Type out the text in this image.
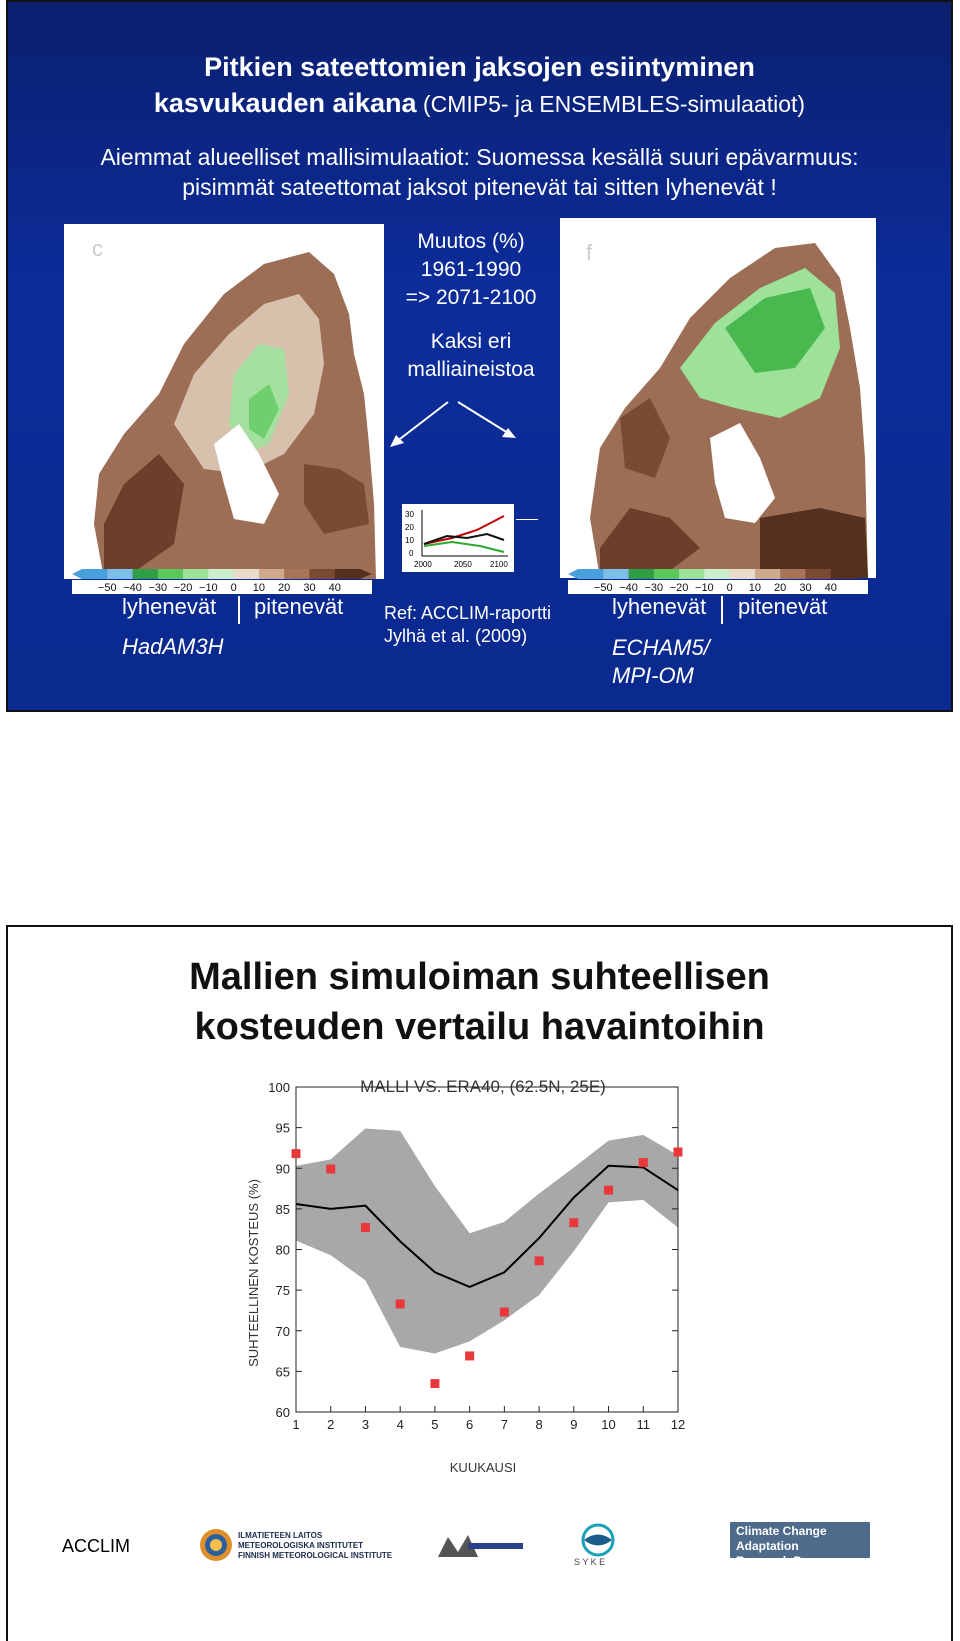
Pitkien sateettomien jaksojen esiintyminen
kasvukauden aikana (CMIP5- ja ENSEMBLES-simulaatiot)
Aiemmat alueelliset mallisimulaatiot: Suomessa kesällä suuri epävarmuus:
pisimmät sateettomat jaksot pitenevät tai sitten lyhenevät !
c	f
Muutos (%)
1961-1990
=> 2071-2100
Kaksi eri
malliaineistoa
30
20
10
0
2000	2050 2100
−50 −40 −30 −20 −10 0 10 20 30 40	−50 −40 −30 −20 −10 0 10 20 30 40
lyhenevät pitenevät
HadAM3H
Ref: ACCLIM-raportti
Jylhä et al. (2009)
lyhenevät pitenevät
ECHAM5/
MPI-OM
Mallien simuloiman suhteellisen
kosteuden vertailu havaintoihin
60
65
70
75
80
85
90
95
100
1 2 3 4 5 6 7 8 9 10 11 12
MALLI VS. ERA40, (62.5N, 25E)
KUUKAUSI
SUHTEELLINEN KOSTEUS (%)
ACCLIM
ILMATIETEEN LAITOS
METEOROLOGISKA INSTITUTET
FINNISH METEOROLOGICAL INSTITUTE
S Y K E
Climate Change Adaptation
Research Programme
